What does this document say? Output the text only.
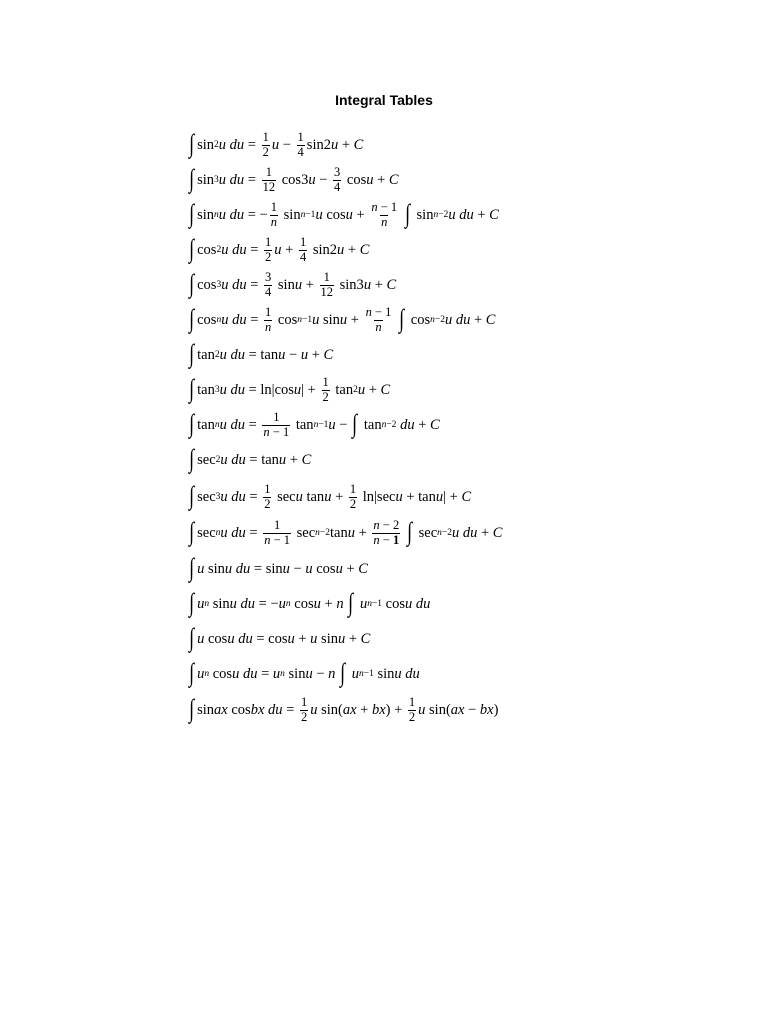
Integral Tables
∫ sin 2 u
du = $\frac{1}{2}$ $u - \frac{1}{4} \sin 2$ u + C
∫ sin 3 u
du = $\frac{1}{12} \cos 3$ $u - \frac{3}{4}$ cos u + C
∫ sin n u
du = − $\frac{1}{n}$ sin n−1 u $\cos u + \frac{n - 1}{n}$
∫ sin n−2 u
du + C
∫ cos 2 u
du = $\frac{1}{2}$ $u + \frac{1}{4} \sin 2$ u + C
∫ cos 3 u
du = $\frac{3}{4}$ $\sin u + \frac{1}{12} \sin 3$ u + C
∫ cos n u
du = $\frac{1}{n}$ cos n−1 u $\sin u + \frac{n - 1}{n}$
∫ cos n−2 u
du + C
∫ tan 2 u
du = tan u − u + C
∫ tan 3 u
du = ln|cos u | + $\frac{1}{2}$ tan 2 u + C
∫ tan n u
du = $\frac{1}{n - 1}$ tan n−1 u − ∫ tan n−2
du + C
∫ sec 2 u
du = tan u + C
∫ sec 3 u
du = $\frac{1}{2}$ sec u $\tan u + \frac{1}{2} \ln|\sec$ u + tan u | + C
∫ sec n u
du = $\frac{1}{n - 1}$ sec n−2 $\tan u + \frac{n - 2}{n - 1}$
∫ sec n−2 u
du + C
∫ u sin u
du = sin u − u cos u + C
∫ u n sin u
du = − u n cos u + n
∫
u n−1 cos u
du
∫ u cos u
du = cos u + u sin u + C
∫ u n cos u
du = u n sin u − n
∫
u n−1 sin u
du
∫ sin ax cos bx
du = $\frac{1}{2}$ u sin( ax + bx ) + $\frac{1}{2}$ u sin( ax − bx )
